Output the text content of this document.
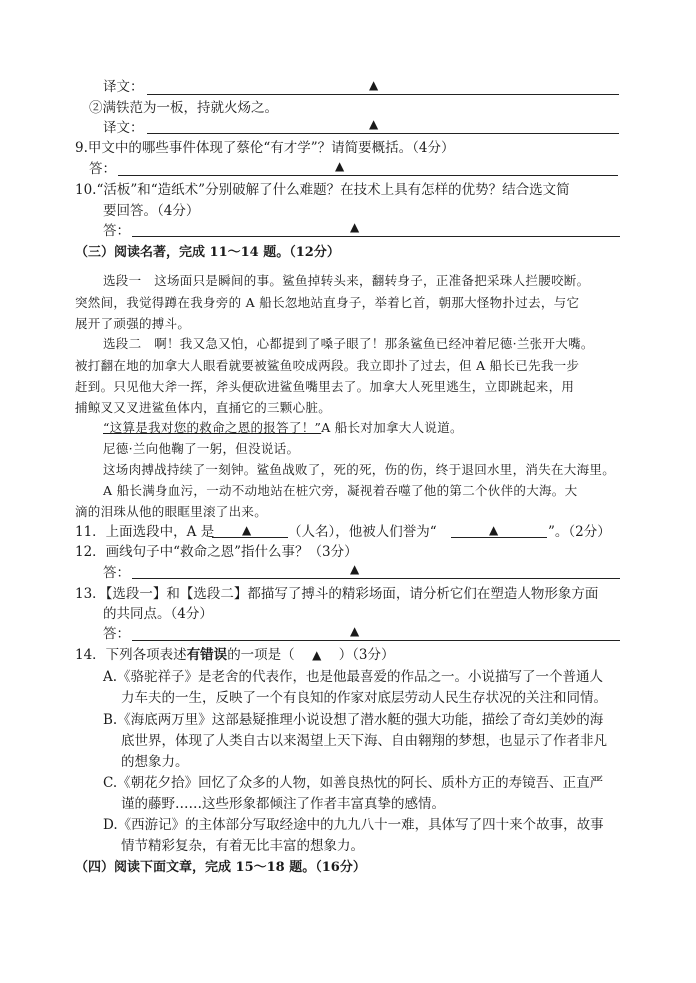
译文：	▲
②满铁范为一板，持就火炀之。
译文：	▲
9.甲文中的哪些事件体现了蔡伦“有才学”？请简要概括。（4分）
答：	▲
10.“活板”和“造纸术”分别破解了什么难题？在技术上具有怎样的优势？结合选文简
要回答。（4分）
答：	▲
（三）阅读名著，完成 11～14 题。（12分）
选段一　这场面只是瞬间的事。鲨鱼掉转头来，翻转身子，正准备把采珠人拦腰咬断。
突然间，我觉得蹲在我身旁的 A 船长忽地站直身子，举着匕首，朝那大怪物扑过去，与它
展开了顽强的搏斗。
选段二　啊！我又急又怕，心都提到了嗓子眼了！那条鲨鱼已经冲着尼德·兰张开大嘴。
被打翻在地的加拿大人眼看就要被鲨鱼咬成两段。我立即扑了过去，但 A 船长已先我一步
赶到。只见他大斧一挥，斧头便砍进鲨鱼嘴里去了。加拿大人死里逃生，立即跳起来，用
捕鲸叉又叉进鲨鱼体内，直捅它的三颗心脏。
“这算是我对您的救命之恩的报答了！”A 船长对加拿大人说道。
尼德·兰向他鞠了一躬，但没说话。
这场肉搏战持续了一刻钟。鲨鱼战败了，死的死，伤的伤，终于退回水里，消失在大海里。
A 船长满身血污，一动不动地站在桩穴旁，凝视着吞噬了他的第二个伙伴的大海。大
滴的泪珠从他的眼眶里滚了出来。
11．上面选段中，A 是 ▲	（人名），他被人们誉为“	▲	”。（2分）
12．画线句子中“救命之恩”指什么事？（3分）
答：	▲
13．【选段一】和【选段二】都描写了搏斗的精彩场面，请分析它们在塑造人物形象方面
的共同点。（4分）
答：	▲
14．下列各项表述有错误的一项是（ ▲ ）（3分）
A.《骆驼祥子》是老舍的代表作，也是他最喜爱的作品之一。小说描写了一个普通人
力车夫的一生，反映了一个有良知的作家对底层劳动人民生存状况的关注和同情。
B.《海底两万里》这部悬疑推理小说设想了潜水艇的强大功能，描绘了奇幻美妙的海
底世界，体现了人类自古以来渴望上天下海、自由翱翔的梦想，也显示了作者非凡
的想象力。
C.《朝花夕拾》回忆了众多的人物，如善良热忱的阿长、质朴方正的寿镜吾、正直严
谨的藤野……这些形象都倾注了作者丰富真挚的感情。
D.《西游记》的主体部分写取经途中的九九八十一难，具体写了四十来个故事，故事
情节精彩复杂，有着无比丰富的想象力。
（四）阅读下面文章，完成 15～18 题。（16分）
